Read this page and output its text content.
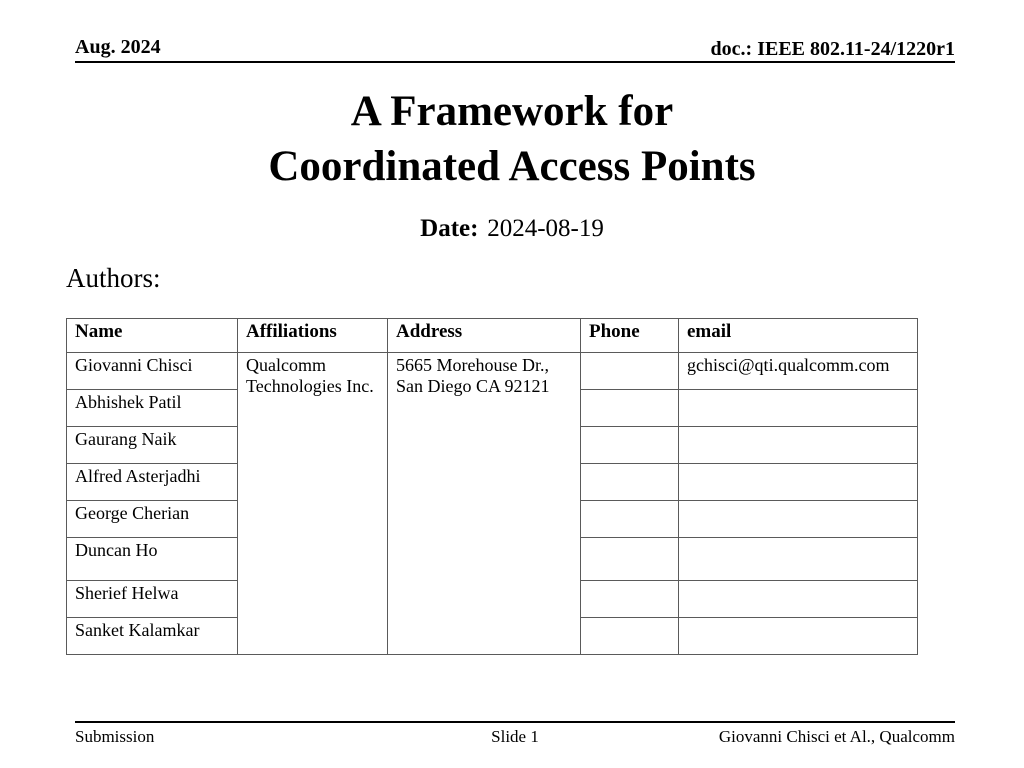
Aug. 2024	doc.: IEEE 802.11-24/1220r1
A Framework for
Coordinated Access Points
Date: 2024-08-19
Authors:
Name	Affiliations	Address	Phone	email
Giovanni Chisci	Qualcomm Technologies Inc.	5665 Morehouse Dr., San Diego CA 92121		gchisci@qti.qualcomm.com
Abhishek Patil				
Gaurang Naik				
Alfred Asterjadhi				
George Cherian				
Duncan Ho				
Sherief Helwa				
Sanket Kalamkar				
Submission	Slide 1	Giovanni Chisci et Al., Qualcomm
